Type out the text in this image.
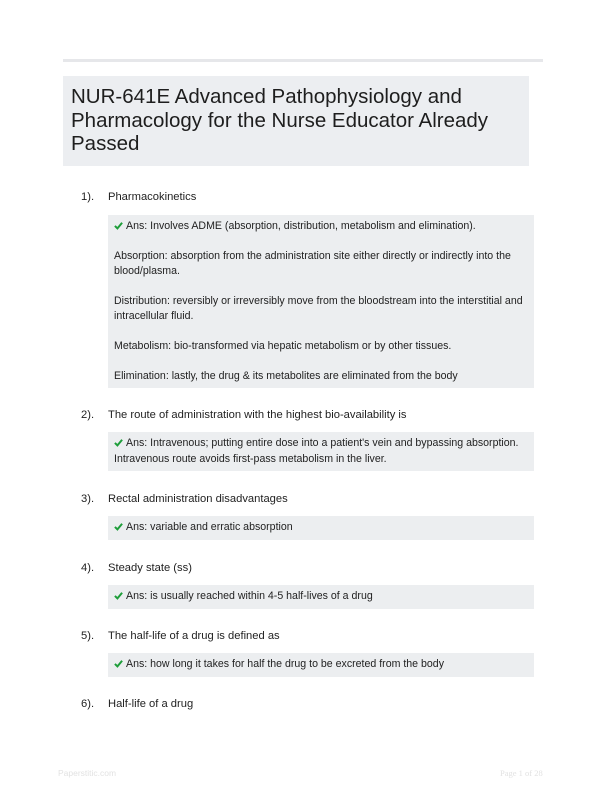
NUR-641E Advanced Pathophysiology and Pharmacology for the Nurse Educator Already Passed
1).	Pharmacokinetics

Ans: Involves ADME (absorption, distribution, metabolism and elimination).

Absorption: absorption from the administration site either directly or indirectly into the blood/plasma.

Distribution: reversibly or irreversibly move from the bloodstream into the interstitial and intracellular fluid.

Metabolism: bio-transformed via hepatic metabolism or by other tissues.

Elimination: lastly, the drug & its metabolites are eliminated from the body

2).	The route of administration with the highest bio-availability is

Ans: Intravenous; putting entire dose into a patient's vein and bypassing absorption. Intravenous route avoids first-pass metabolism in the liver.

3).	Rectal administration disadvantages

Ans: variable and erratic absorption

4).	Steady state (ss)

Ans: is usually reached within 4-5 half-lives of a drug

5).	The half-life of a drug is defined as

Ans: how long it takes for half the drug to be excreted from the body

6).	Half-life of a drug
Paperstitic.com	Page 1 of 28
